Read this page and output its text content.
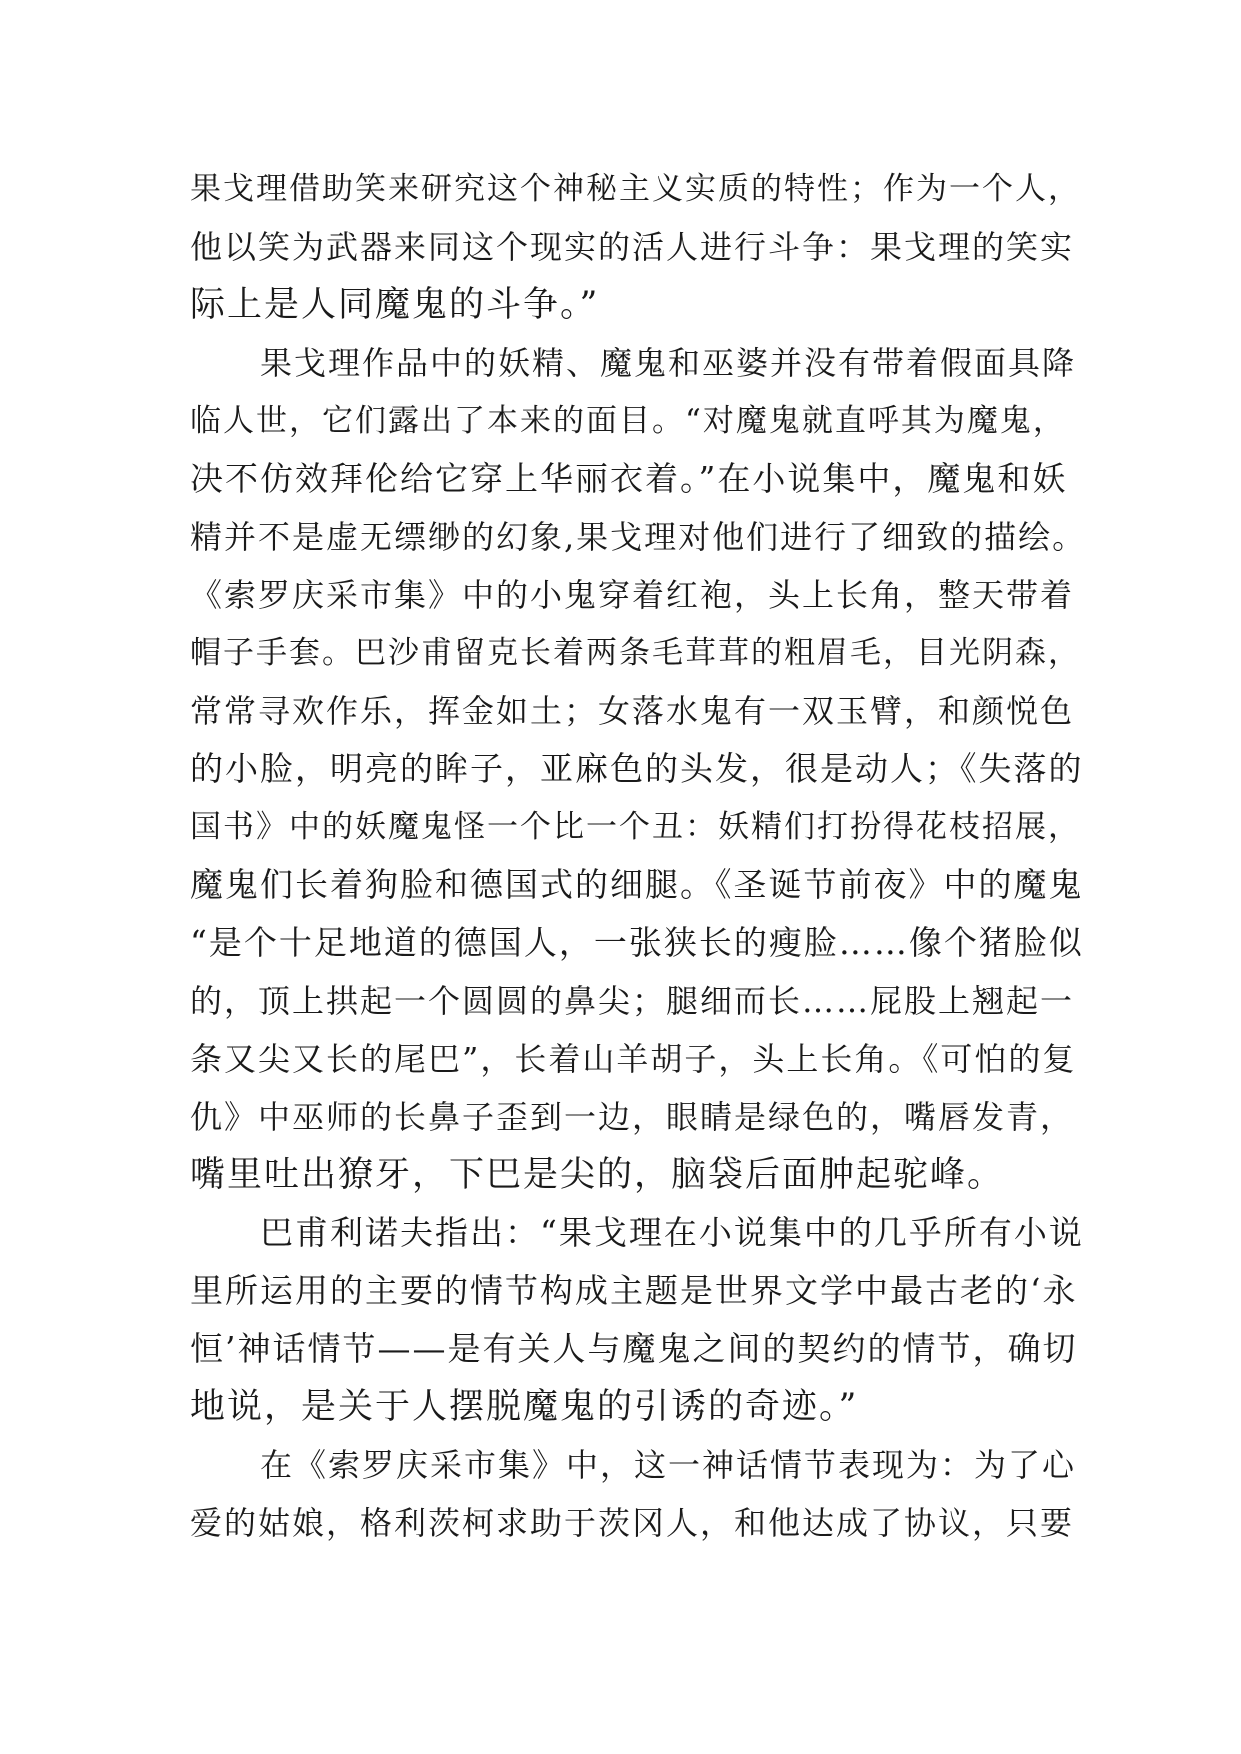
果戈理借助笑来研究这个神秘主义实质的特性；作为一个人，
他以笑为武器来同这个现实的活人进行斗争：果戈理的笑实
际上是人同魔鬼的斗争。”
果戈理作品中的妖精、魔鬼和巫婆并没有带着假面具降
临人世，它们露出了本来的面目。“对魔鬼就直呼其为魔鬼，
决不仿效拜伦给它穿上华丽衣着。”在小说集中，魔鬼和妖
精并不是虚无缥缈的幻象,果戈理对他们进行了细致的描绘。
《索罗庆采市集》中的小鬼穿着红袍，头上长角，整天带着
帽子手套。巴沙甫留克长着两条毛茸茸的粗眉毛，目光阴森，
常常寻欢作乐，挥金如土；女落水鬼有一双玉臂，和颜悦色
的小脸，明亮的眸子，亚麻色的头发，很是动人；《失落的
国书》中的妖魔鬼怪一个比一个丑：妖精们打扮得花枝招展，
魔鬼们长着狗脸和德国式的细腿。《圣诞节前夜》中的魔鬼
“是个十足地道的德国人，一张狭长的瘦脸……像个猪脸似
的，顶上拱起一个圆圆的鼻尖；腿细而长……屁股上翘起一
条又尖又长的尾巴”，长着山羊胡子，头上长角。《可怕的复
仇》中巫师的长鼻子歪到一边，眼睛是绿色的，嘴唇发青，
嘴里吐出獠牙，下巴是尖的，脑袋后面肿起驼峰。
巴甫利诺夫指出：“果戈理在小说集中的几乎所有小说
里所运用的主要的情节构成主题是世界文学中最古老的‘永
恒’神话情节——是有关人与魔鬼之间的契约的情节，确切
地说，是关于人摆脱魔鬼的引诱的奇迹。”
在《索罗庆采市集》中，这一神话情节表现为：为了心
爱的姑娘，格利茨柯求助于茨冈人，和他达成了协议，只要
